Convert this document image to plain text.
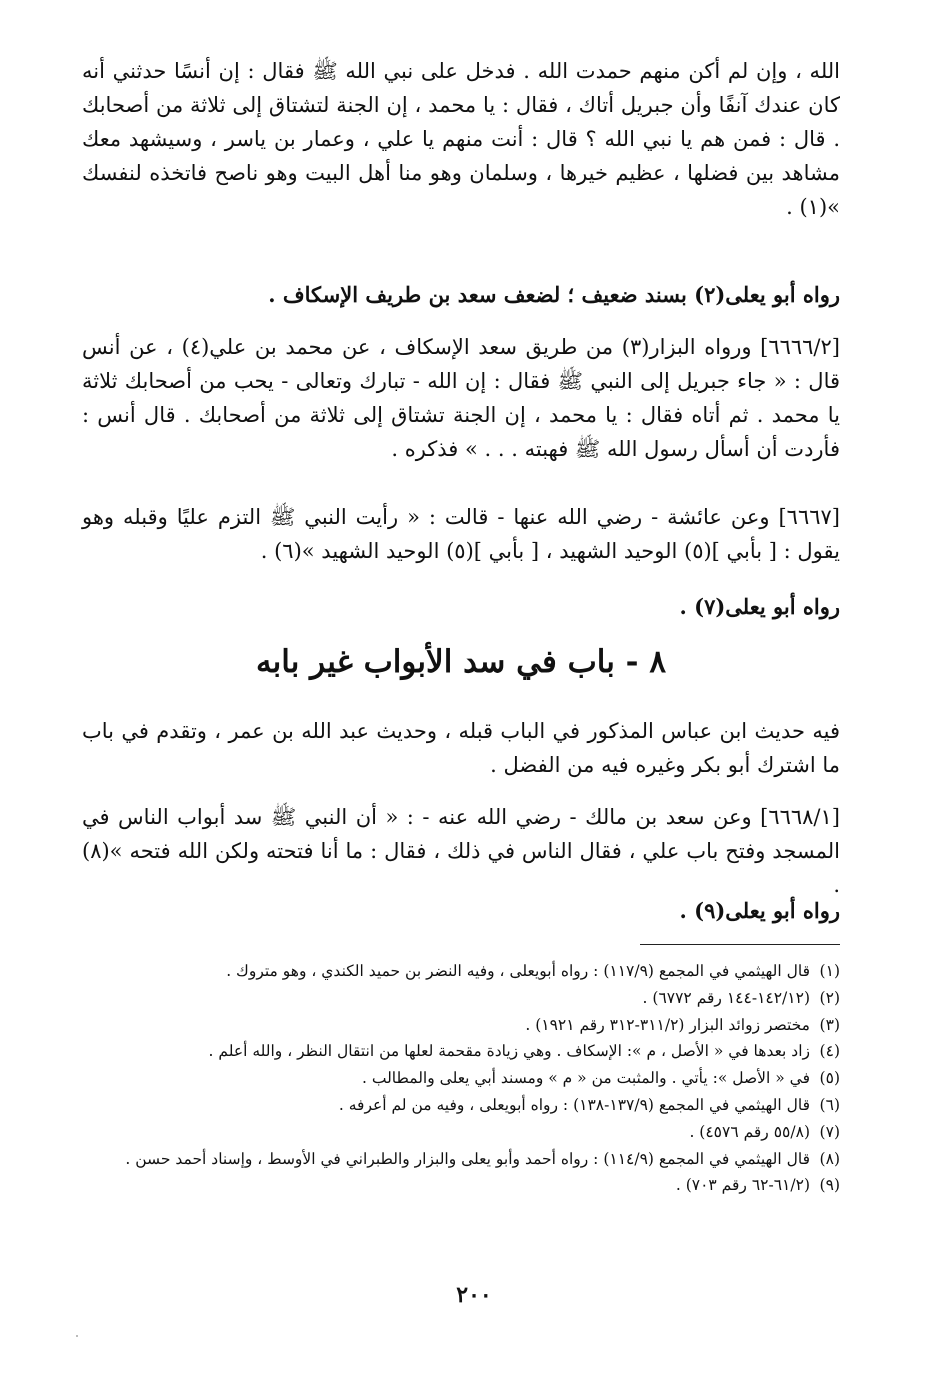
الله ، وإن لم أكن منهم حمدت الله . فدخل على نبي الله ﷺ فقال : إن أنسًا حدثني أنه كان عندك آنفًا وأن جبريل أتاك ، فقال : يا محمد ، إن الجنة لتشتاق إلى ثلاثة من أصحابك . قال : فمن هم يا نبي الله ؟ قال : أنت منهم يا علي ، وعمار بن ياسر ، وسيشهد معك مشاهد بين فضلها ، عظيم خيرها ، وسلمان وهو منا أهل البيت وهو ناصح فاتخذه لنفسك »(١) .

رواه أبو يعلى(٢) بسند ضعيف ؛ لضعف سعد بن طريف الإسكاف .

[٦٦٦٦/٢] ورواه البزار(٣) من طريق سعد الإسكاف ، عن محمد بن علي(٤) ، عن أنس قال : « جاء جبريل إلى النبي ﷺ فقال : إن الله - تبارك وتعالى - يحب من أصحابك ثلاثة يا محمد . ثم أتاه فقال : يا محمد ، إن الجنة تشتاق إلى ثلاثة من أصحابك . قال أنس : فأردت أن أسأل رسول الله ﷺ فهبته . . . » فذكره .

[٦٦٦٧] وعن عائشة - رضي الله عنها - قالت : « رأيت النبي ﷺ التزم عليًا وقبله وهو يقول : [ بأبي ](٥) الوحيد الشهيد ، [ بأبي ](٥) الوحيد الشهيد »(٦) .

رواه أبو يعلى(٧) .

٨ - باب في سد الأبواب غير بابه

فيه حديث ابن عباس المذكور في الباب قبله ، وحديث عبد الله بن عمر ، وتقدم في باب ما اشترك أبو بكر وغيره فيه من الفضل .

[٦٦٦٨/١] وعن سعد بن مالك - رضي الله عنه - : « أن النبي ﷺ سد أبواب الناس في المسجد وفتح باب علي ، فقال الناس في ذلك ، فقال : ما أنا فتحته ولكن الله فتحه »(٨) .

رواه أبو يعلى(٩) .

(١)
قال الهيثمي في المجمع (١١٧/٩) : رواه أبويعلى ، وفيه النضر بن حميد الكندي ، وهو متروك .
(٢)
(١٤٢/١٢-١٤٤ رقم ٦٧٧٢) .
(٣)
مختصر زوائد البزار (٣١١/٢-٣١٢ رقم ١٩٢١) .
(٤)
زاد بعدها في « الأصل ، م »: الإسكاف . وهي زيادة مقحمة لعلها من انتقال النظر ، والله أعلم .
(٥)
في « الأصل »: يأتي . والمثبت من « م » ومسند أبي يعلى والمطالب .
(٦)
قال الهيثمي في المجمع (١٣٧/٩-١٣٨) : رواه أبويعلى ، وفيه من لم أعرفه .
(٧)
(٥٥/٨ رقم ٤٥٧٦) .
(٨)
قال الهيثمي في المجمع (١١٤/٩) : رواه أحمد وأبو يعلى والبزار والطبراني في الأوسط ، وإسناد أحمد حسن .
(٩)
(٦١/٢-٦٢ رقم ٧٠٣) .
٢٠٠
